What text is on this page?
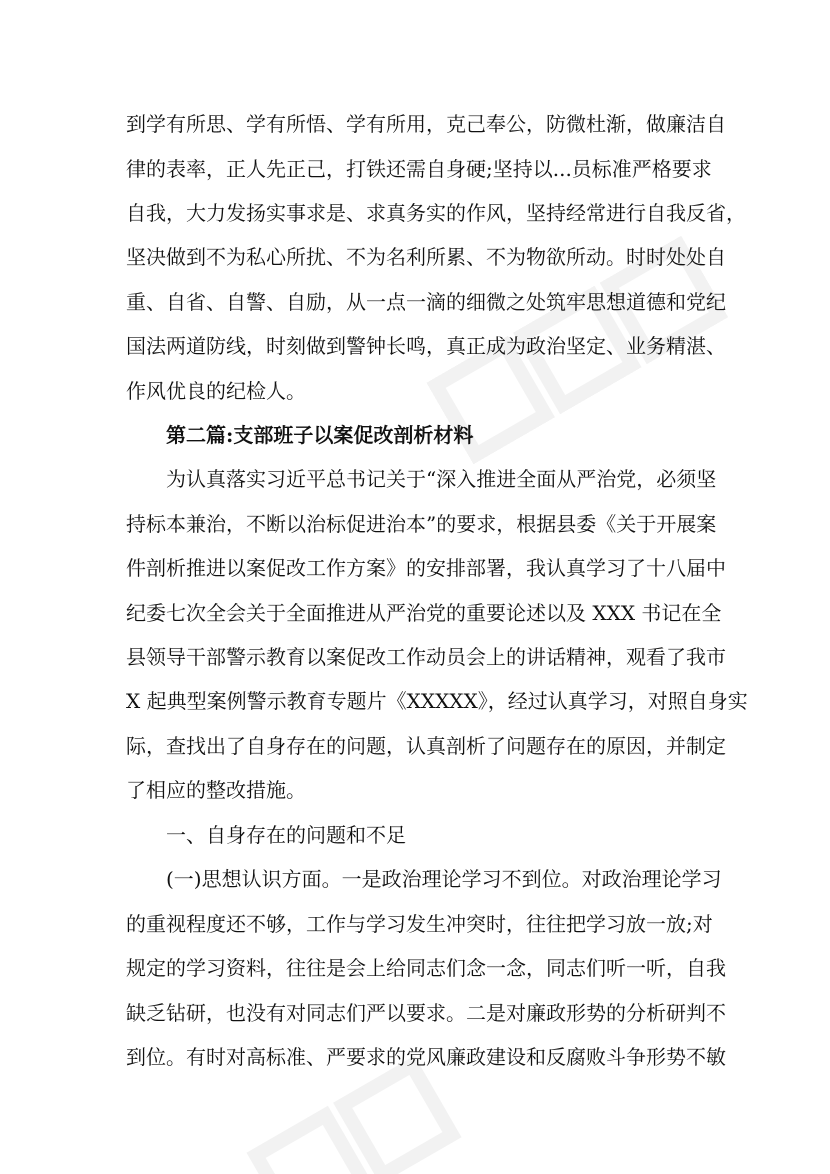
到学有所思、学有所悟、学有所用，克己奉公，防微杜渐，做廉洁自
律的表率，正人先正己，打铁还需自身硬;坚持以...员标准严格要求
自我，大力发扬实事求是、求真务实的作风，坚持经常进行自我反省，
坚决做到不为私心所扰、不为名利所累、不为物欲所动。时时处处自
重、自省、自警、自励，从一点一滴的细微之处筑牢思想道德和党纪
国法两道防线，时刻做到警钟长鸣，真正成为政治坚定、业务精湛、
作风优良的纪检人。
第二篇:支部班子以案促改剖析材料
为认真落实习近平总书记关于“深入推进全面从严治党，必须坚
持标本兼治，不断以治标促进治本”的要求，根据县委《关于开展案
件剖析推进以案促改工作方案》的安排部署，我认真学习了十八届中
纪委七次全会关于全面推进从严治党的重要论述以及 XXX 书记在全
县领导干部警示教育以案促改工作动员会上的讲话精神，观看了我市
X 起典型案例警示教育专题片《XXXXX》，经过认真学习，对照自身实
际，查找出了自身存在的问题，认真剖析了问题存在的原因，并制定
了相应的整改措施。
一、自身存在的问题和不足
(一)思想认识方面。一是政治理论学习不到位。对政治理论学习
的重视程度还不够，工作与学习发生冲突时，往往把学习放一放;对
规定的学习资料，往往是会上给同志们念一念，同志们听一听，自我
缺乏钻研，也没有对同志们严以要求。二是对廉政形势的分析研判不
到位。有时对高标准、严要求的党风廉政建设和反腐败斗争形势不敏
